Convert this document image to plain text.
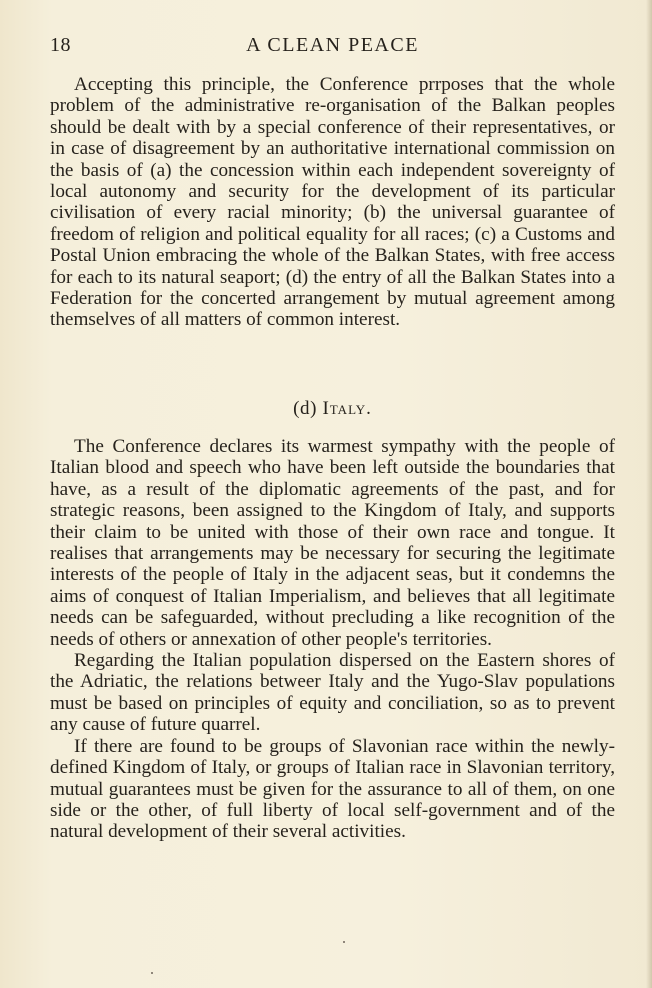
18	A CLEAN PEACE

Accepting this principle, the Conference prrposes that the whole problem of the administrative re-organisation of the Balkan peoples should be dealt with by a special conference of their representatives, or in case of disagreement by an authoritative international commission on the basis of (a) the concession within each independent sovereignty of local autonomy and security for the development of its particular civilisation of every racial minority; (b) the universal guarantee of freedom of religion and political equality for all races; (c) a Customs and Postal Union embracing the whole of the Balkan States, with free access for each to its natural seaport; (d) the entry of all the Balkan States into a Federation for the concerted arrangement by mutual agreement among themselves of all matters of common interest.

(d) Italy.

The Conference declares its warmest sympathy with the people of Italian blood and speech who have been left outside the boundaries that have, as a result of the diplomatic agreements of the past, and for strategic reasons, been assigned to the Kingdom of Italy, and supports their claim to be united with those of their own race and tongue. It realises that arrangements may be necessary for securing the legitimate interests of the people of Italy in the adjacent seas, but it condemns the aims of conquest of Italian Imperialism, and believes that all legitimate needs can be safeguarded, without precluding a like recognition of the needs of others or annexation of other people's territories.

Regarding the Italian population dispersed on the Eastern shores of the Adriatic, the relations betweer Italy and the Yugo-Slav populations must be based on principles of equity and conciliation, so as to prevent any cause of future quarrel.

If there are found to be groups of Slavonian race within the newly-defined Kingdom of Italy, or groups of Italian race in Slavonian territory, mutual guarantees must be given for the assurance to all of them, on one side or the other, of full liberty of local self-government and of the natural development of their several activities.
